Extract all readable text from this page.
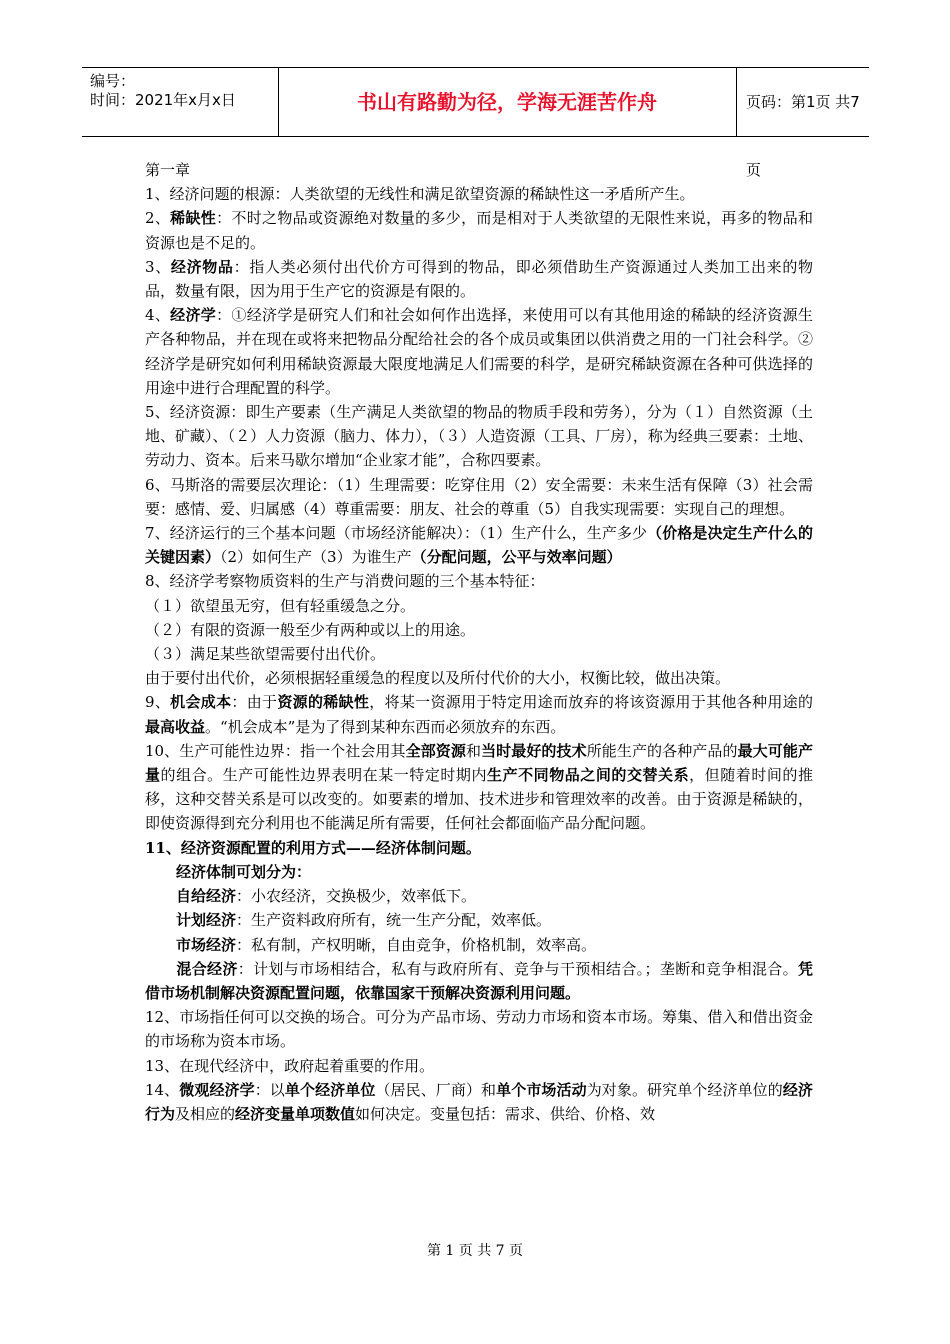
编号：
时间：2021年x月x日	书山有路勤为径，学海无涯苦作舟	页码：第1页 共7页

第一章

1、经济问题的根源：人类欲望的无线性和满足欲望资源的稀缺性这一矛盾所产生。

2、稀缺性：不时之物品或资源绝对数量的多少，而是相对于人类欲望的无限性来说，再多的物品和资源也是不足的。

3、经济物品：指人类必须付出代价方可得到的物品，即必须借助生产资源通过人类加工出来的物品，数量有限，因为用于生产它的资源是有限的。

4、经济学：①经济学是研究人们和社会如何作出选择，来使用可以有其他用途的稀缺的经济资源生产各种物品，并在现在或将来把物品分配给社会的各个成员或集团以供消费之用的一门社会科学。②经济学是研究如何利用稀缺资源最大限度地满足人们需要的科学，是研究稀缺资源在各种可供选择的用途中进行合理配置的科学。

5、经济资源：即生产要素（生产满足人类欲望的物品的物质手段和劳务），分为（１）自然资源（土地、矿藏）、（２）人力资源（脑力、体力），（３）人造资源（工具、厂房），称为经典三要素：土地、劳动力、资本。后来马歇尔增加“企业家才能”，合称四要素。

6、马斯洛的需要层次理论：（1）生理需要：吃穿住用（2）安全需要：未来生活有保障（3）社会需要：感情、爱、归属感（4）尊重需要：朋友、社会的尊重（5）自我实现需要：实现自己的理想。

7、经济运行的三个基本问题（市场经济能解决）：（1）生产什么，生产多少（价格是决定生产什么的关键因素）（2）如何生产（3）为谁生产（分配问题，公平与效率问题）

8、经济学考察物质资料的生产与消费问题的三个基本特征：

（１）欲望虽无穷，但有轻重缓急之分。

（２）有限的资源一般至少有两种或以上的用途。

（３）满足某些欲望需要付出代价。

由于要付出代价，必须根据轻重缓急的程度以及所付代价的大小，权衡比较，做出决策。

9、机会成本：由于资源的稀缺性，将某一资源用于特定用途而放弃的将该资源用于其他各种用途的最高收益。“机会成本”是为了得到某种东西而必须放弃的东西。

10、生产可能性边界：指一个社会用其全部资源和当时最好的技术所能生产的各种产品的最大可能产量的组合。生产可能性边界表明在某一特定时期内生产不同物品之间的交替关系，但随着时间的推移，这种交替关系是可以改变的。如要素的增加、技术进步和管理效率的改善。由于资源是稀缺的，即使资源得到充分利用也不能满足所有需要，任何社会都面临产品分配问题。

11、经济资源配置的利用方式——经济体制问题。

经济体制可划分为：

自给经济：小农经济，交换极少，效率低下。

计划经济：生产资料政府所有，统一生产分配，效率低。

市场经济：私有制，产权明晰，自由竞争，价格机制，效率高。

混合经济：计划与市场相结合，私有与政府所有、竞争与干预相结合。；垄断和竞争相混合。凭借市场机制解决资源配置问题，依靠国家干预解决资源利用问题。

12、市场指任何可以交换的场合。可分为产品市场、劳动力市场和资本市场。筹集、借入和借出资金的市场称为资本市场。

13、在现代经济中，政府起着重要的作用。

14、微观经济学：以单个经济单位（居民、厂商）和单个市场活动为对象。研究单个经济单位的经济行为及相应的经济变量单项数值如何决定。变量包括：需求、供给、价格、效

第 1 页 共 7 页
